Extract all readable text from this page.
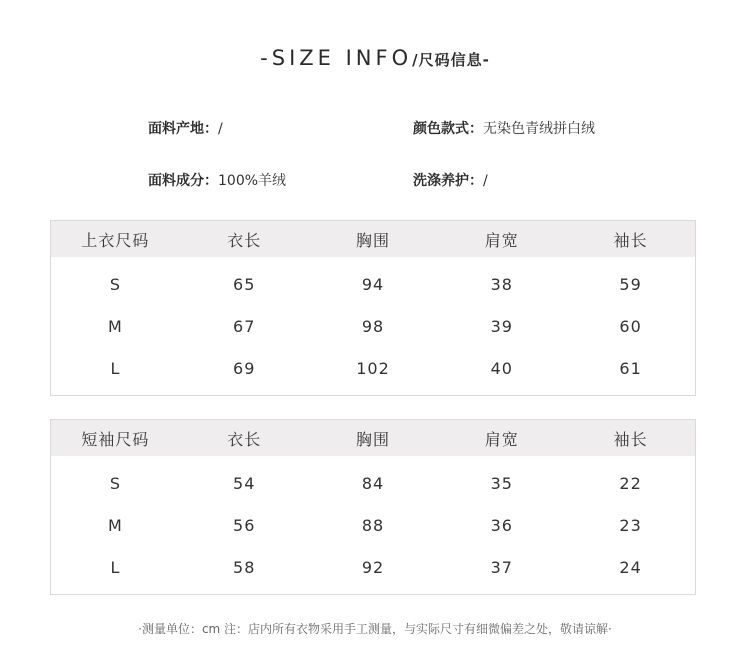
-SIZE INFO/尺码信息-
面料产地：/	颜色款式：无染色青绒拼白绒
面料成分：100%羊绒	洗涤养护：/
上衣尺码	衣长	胸围	肩宽	袖长
S	65	94	38	59
M	67	98	39	60
L	69	102	40	61
短袖尺码	衣长	胸围	肩宽	袖长
S	54	84	35	22
M	56	88	36	23
L	58	92	37	24
·测量单位：cm 注：店内所有衣物采用手工测量，与实际尺寸有细微偏差之处，敬请谅解·
